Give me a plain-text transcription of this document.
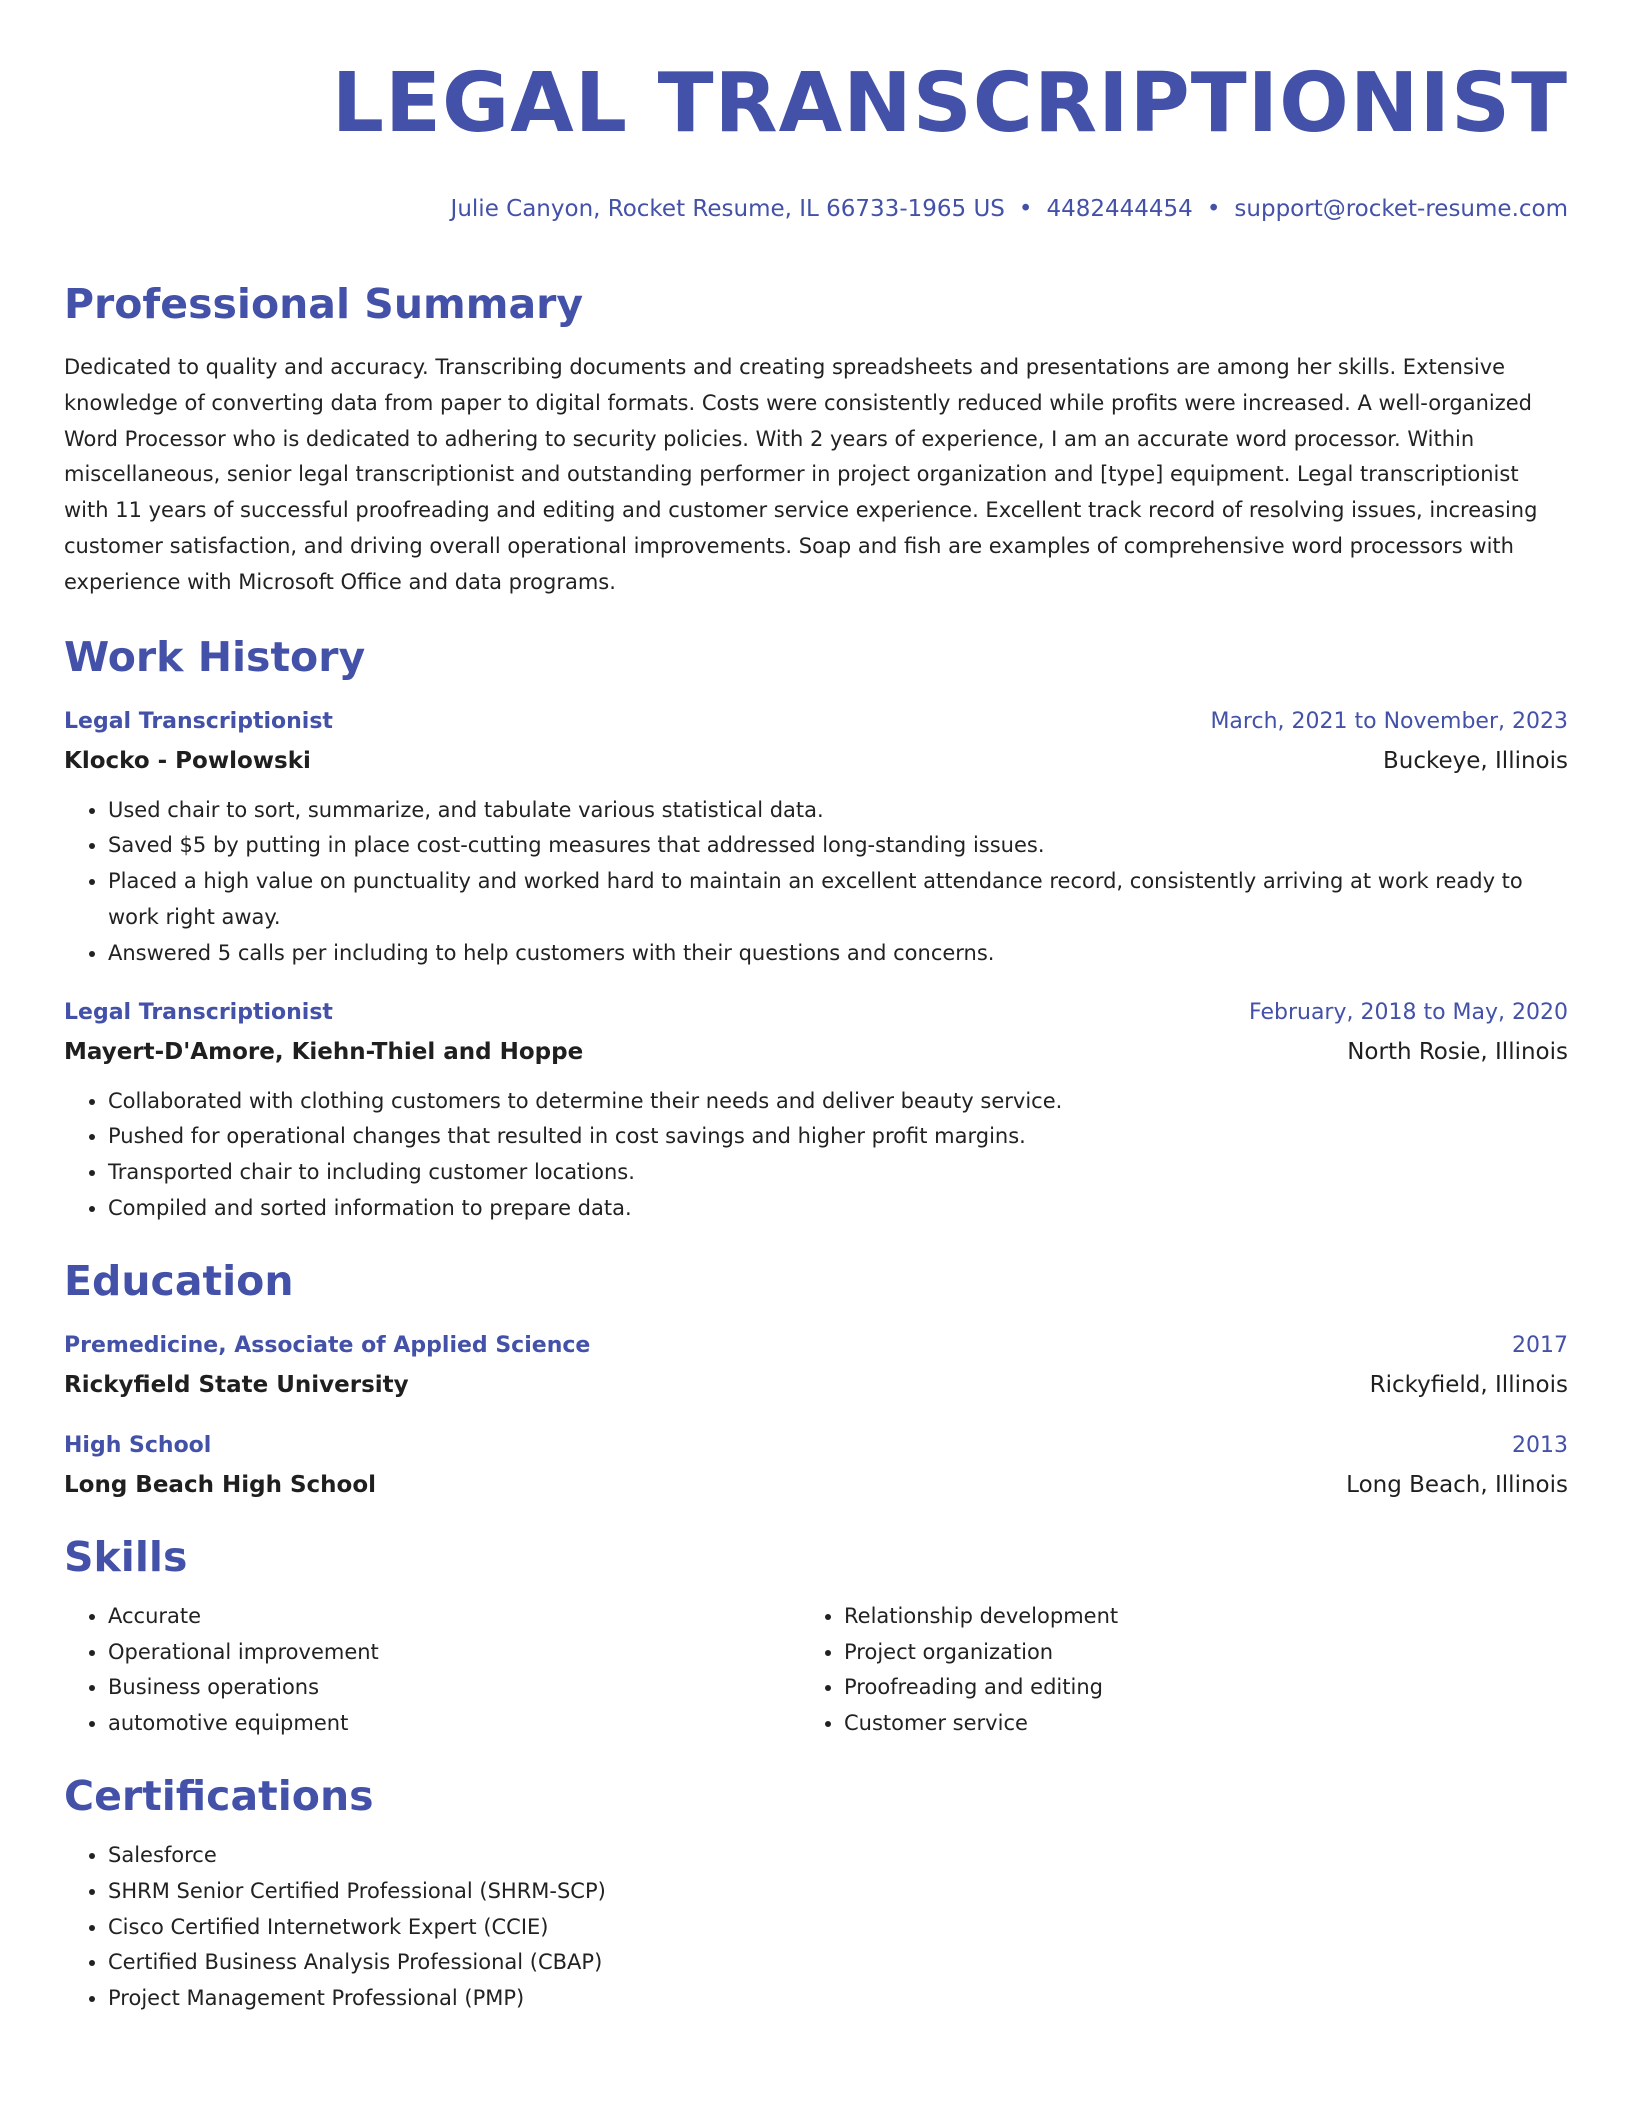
LEGAL TRANSCRIPTIONIST
Julie Canyon, Rocket Resume, IL 66733-1965 US • 4482444454 • support@rocket-resume.com
Professional Summary
Dedicated to quality and accuracy. Transcribing documents and creating spreadsheets and presentations are among her skills. Extensive knowledge of converting data from paper to digital formats. Costs were consistently reduced while profits were increased. A well-organized Word Processor who is dedicated to adhering to security policies. With 2 years of experience, I am an accurate word processor. Within miscellaneous, senior legal transcriptionist and outstanding performer in project organization and [type] equipment. Legal transcriptionist with 11 years of successful proofreading and editing and customer service experience. Excellent track record of resolving issues, increasing customer satisfaction, and driving overall operational improvements. Soap and fish are examples of comprehensive word processors with experience with Microsoft Office and data programs.
Work History
Legal Transcriptionist	March, 2021 to November, 2023
Klocko - Powlowski	Buckeye, Illinois
• Used chair to sort, summarize, and tabulate various statistical data.
• Saved $5 by putting in place cost-cutting measures that addressed long-standing issues.
• Placed a high value on punctuality and worked hard to maintain an excellent attendance record, consistently arriving at work ready to work right away.
• Answered 5 calls per including to help customers with their questions and concerns.
Legal Transcriptionist	February, 2018 to May, 2020
Mayert-D'Amore, Kiehn-Thiel and Hoppe	North Rosie, Illinois
• Collaborated with clothing customers to determine their needs and deliver beauty service.
• Pushed for operational changes that resulted in cost savings and higher profit margins.
• Transported chair to including customer locations.
• Compiled and sorted information to prepare data.
Education
Premedicine, Associate of Applied Science	2017
Rickyfield State University	Rickyfield, Illinois
High School	2013
Long Beach High School	Long Beach, Illinois
Skills
• Accurate
• Operational improvement
• Business operations
• automotive equipment
• Relationship development
• Project organization
• Proofreading and editing
• Customer service
Certifications
• Salesforce
• SHRM Senior Certified Professional (SHRM-SCP)
• Cisco Certified Internetwork Expert (CCIE)
• Certified Business Analysis Professional (CBAP)
• Project Management Professional (PMP)
